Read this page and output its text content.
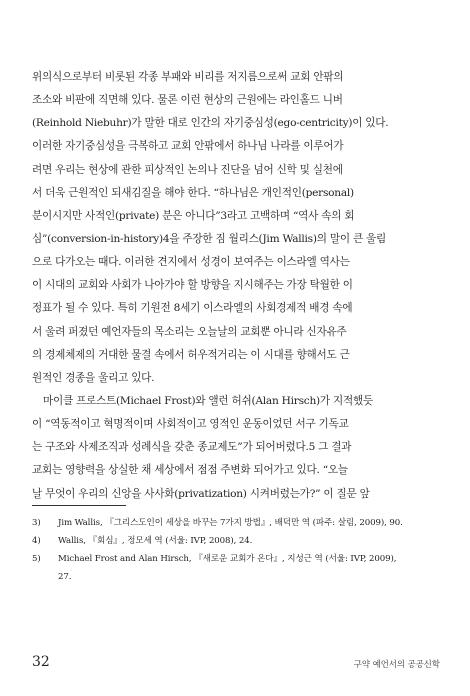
위의식으로부터 비롯된 각종 부패와 비리를 저지름으로써 교회 안팎의
조소와 비판에 직면해 있다. 물론 이런 현상의 근원에는 라인홀드 니버
(Reinhold Niebuhr)가 말한 대로 인간의 자기중심성(ego-centricity)이 있다.
이러한 자기중심성을 극복하고 교회 안팎에서 하나님 나라를 이루어가
려면 우리는 현상에 관한 피상적인 논의나 진단을 넘어 신학 및 실천에
서 더욱 근원적인 되새김질을 해야 한다. “하나님은 개인적인(personal)
분이시지만 사적인(private) 분은 아니다”3라고 고백하며 “역사 속의 회
심”(conversion-in-history)4을 주장한 짐 월리스(Jim Wallis)의 말이 큰 울림
으로 다가오는 때다. 이러한 견지에서 성경이 보여주는 이스라엘 역사는
이 시대의 교회와 사회가 나아가야 할 방향을 지시해주는 가장 탁월한 이
정표가 될 수 있다. 특히 기원전 8세기 이스라엘의 사회경제적 배경 속에
서 울려 퍼졌던 예언자들의 목소리는 오늘날의 교회뿐 아니라 신자유주
의 경제체제의 거대한 물결 속에서 허우적거리는 이 시대를 향해서도 근
원적인 경종을 울리고 있다.
마이클 프로스트(Michael Frost)와 앨런 허쉬(Alan Hirsch)가 지적했듯
이 “역동적이고 혁명적이며 사회적이고 영적인 운동이었던 서구 기독교
는 구조와 사제조직과 성례식을 갖춘 종교제도”가 되어버렸다.5 그 결과
교회는 영향력을 상실한 채 세상에서 점점 주변화 되어가고 있다. “오늘
날 무엇이 우리의 신앙을 사사화(privatization) 시켜버렸는가?” 이 질문 앞
3) Jim Wallis, 『그리스도인이 세상을 바꾸는 7가지 방법』, 배덕만 역 (파주: 살림, 2009), 90.
4) Wallis, 『회심』, 정모세 역 (서울: IVP, 2008), 24.
5) Michael Frost and Alan Hirsch, 『새로운 교회가 온다』, 지성근 역 (서울: IVP, 2009),
27.
32	구약 예언서의 공공신학
